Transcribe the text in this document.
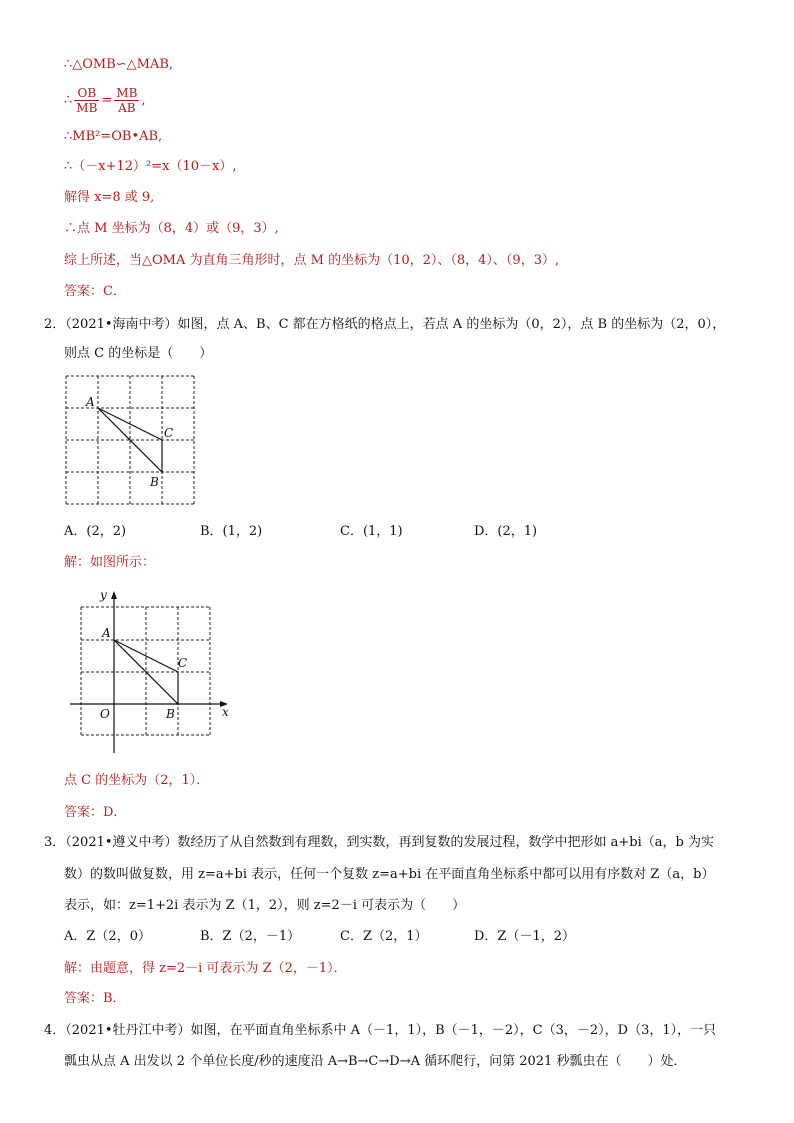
∴△OMB∽△MAB,
∴ $\frac{OB}{MB} = \frac{MB}{AB}$ ,
∴MB²=OB•AB,
∴（－x+12）²=x（10－x）,
解得 x=8 或 9,
∴点 M 坐标为（8，4）或（9，3）,
综上所述，当△OMA 为直角三角形时，点 M 的坐标为（10，2）、（8，4）、（9，3）,
答案：C．
2．（2021•海南中考）如图，点 A、B、C 都在方格纸的格点上，若点 A 的坐标为（0，2），点 B 的坐标为（2，0），
则点 C 的坐标是（　　）
A
C
B
A．(2，2)	B．(1，2)	C．(1，1)	D．(2，1)
解：如图所示：
A
C
B
O	x
y
点 C 的坐标为（2，1）．
答案：D．
3．（2021•遵义中考）数经历了从自然数到有理数，到实数，再到复数的发展过程，数学中把形如 a+bi（a，b 为实
数）的数叫做复数，用 z=a+bi 表示，任何一个复数 z=a+bi 在平面直角坐标系中都可以用有序数对 Z（a，b）
表示，如：z=1+2i 表示为 Z（1，2），则 z=2－i 可表示为（　　）
A．Z（2，0）	B．Z（2，－1）	C．Z（2，1）	D．Z（－1，2）
解：由题意，得 z=2－i 可表示为 Z（2，－1）．
答案：B．
4．（2021•牡丹江中考）如图，在平面直角坐标系中 A（－1，1），B（－1，－2），C（3，－2），D（3，1），一只
瓢虫从点 A 出发以 2 个单位长度/秒的速度沿 A→B→C→D→A 循环爬行，问第 2021 秒瓢虫在（　　）处．
